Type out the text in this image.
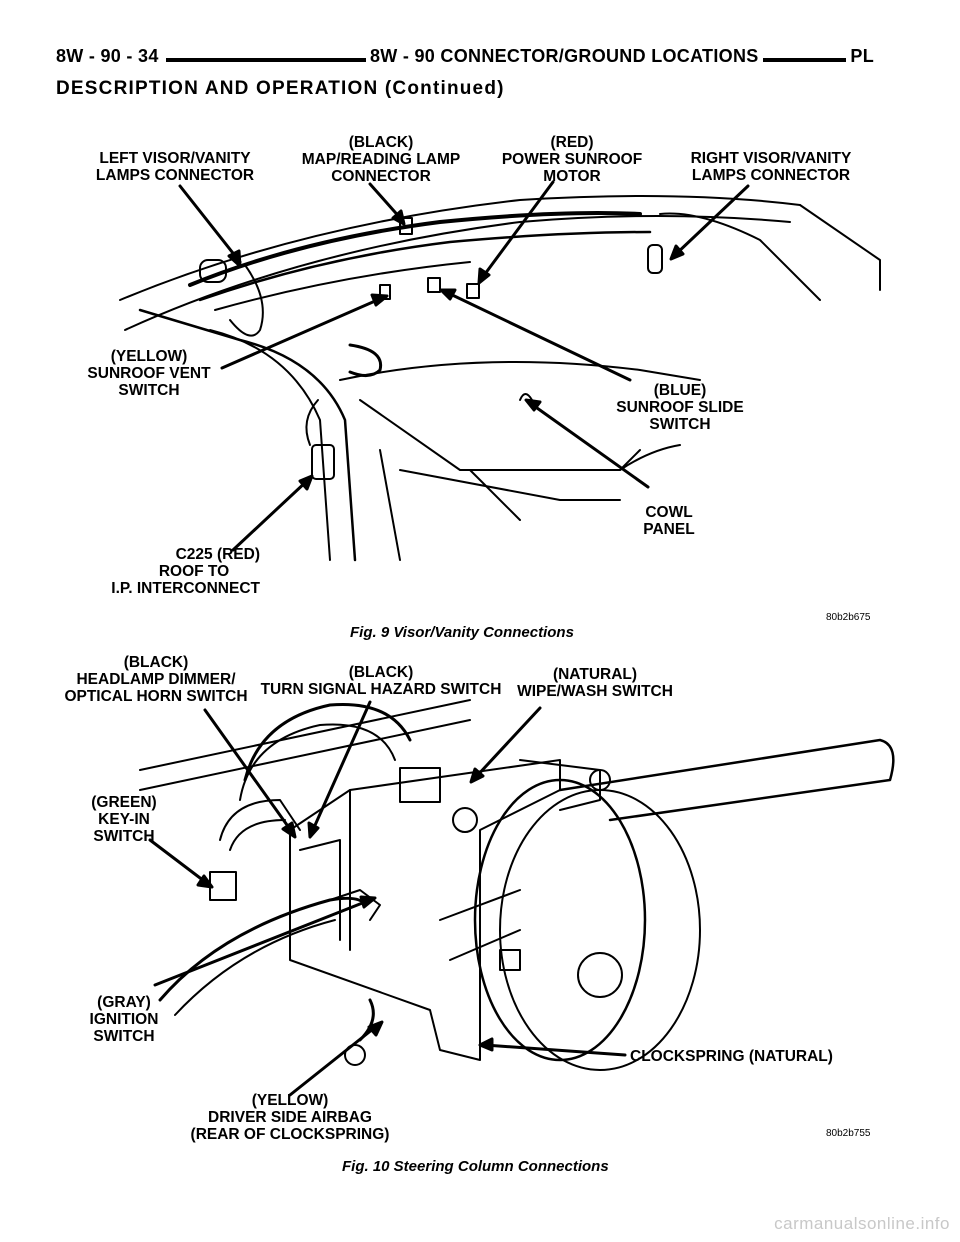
8W - 90 - 34	8W - 90 CONNECTOR/GROUND LOCATIONS	PL
DESCRIPTION AND OPERATION (Continued)
LEFT VISOR/VANITY
LAMPS CONNECTOR
(BLACK)
MAP/READING LAMP
CONNECTOR
(RED)
POWER SUNROOF
MOTOR
RIGHT VISOR/VANITY
LAMPS CONNECTOR
(YELLOW)
SUNROOF VENT
SWITCH	(BLUE)
SUNROOF SLIDE
SWITCH
COWL
PANEL
C225 (RED)
ROOF TO
I.P. INTERCONNECT
80b2b675
Fig. 9 Visor/Vanity Connections
(BLACK)
HEADLAMP DIMMER/
OPTICAL HORN SWITCH
(BLACK)
TURN SIGNAL HAZARD SWITCH
(NATURAL)
WIPE/WASH SWITCH
(GREEN)
KEY-IN
SWITCH
(GRAY)
IGNITION
SWITCH
CLOCKSPRING (NATURAL)
(YELLOW)
DRIVER SIDE AIRBAG
(REAR OF CLOCKSPRING)	80b2b755
Fig. 10 Steering Column Connections
carmanualsonline.info
